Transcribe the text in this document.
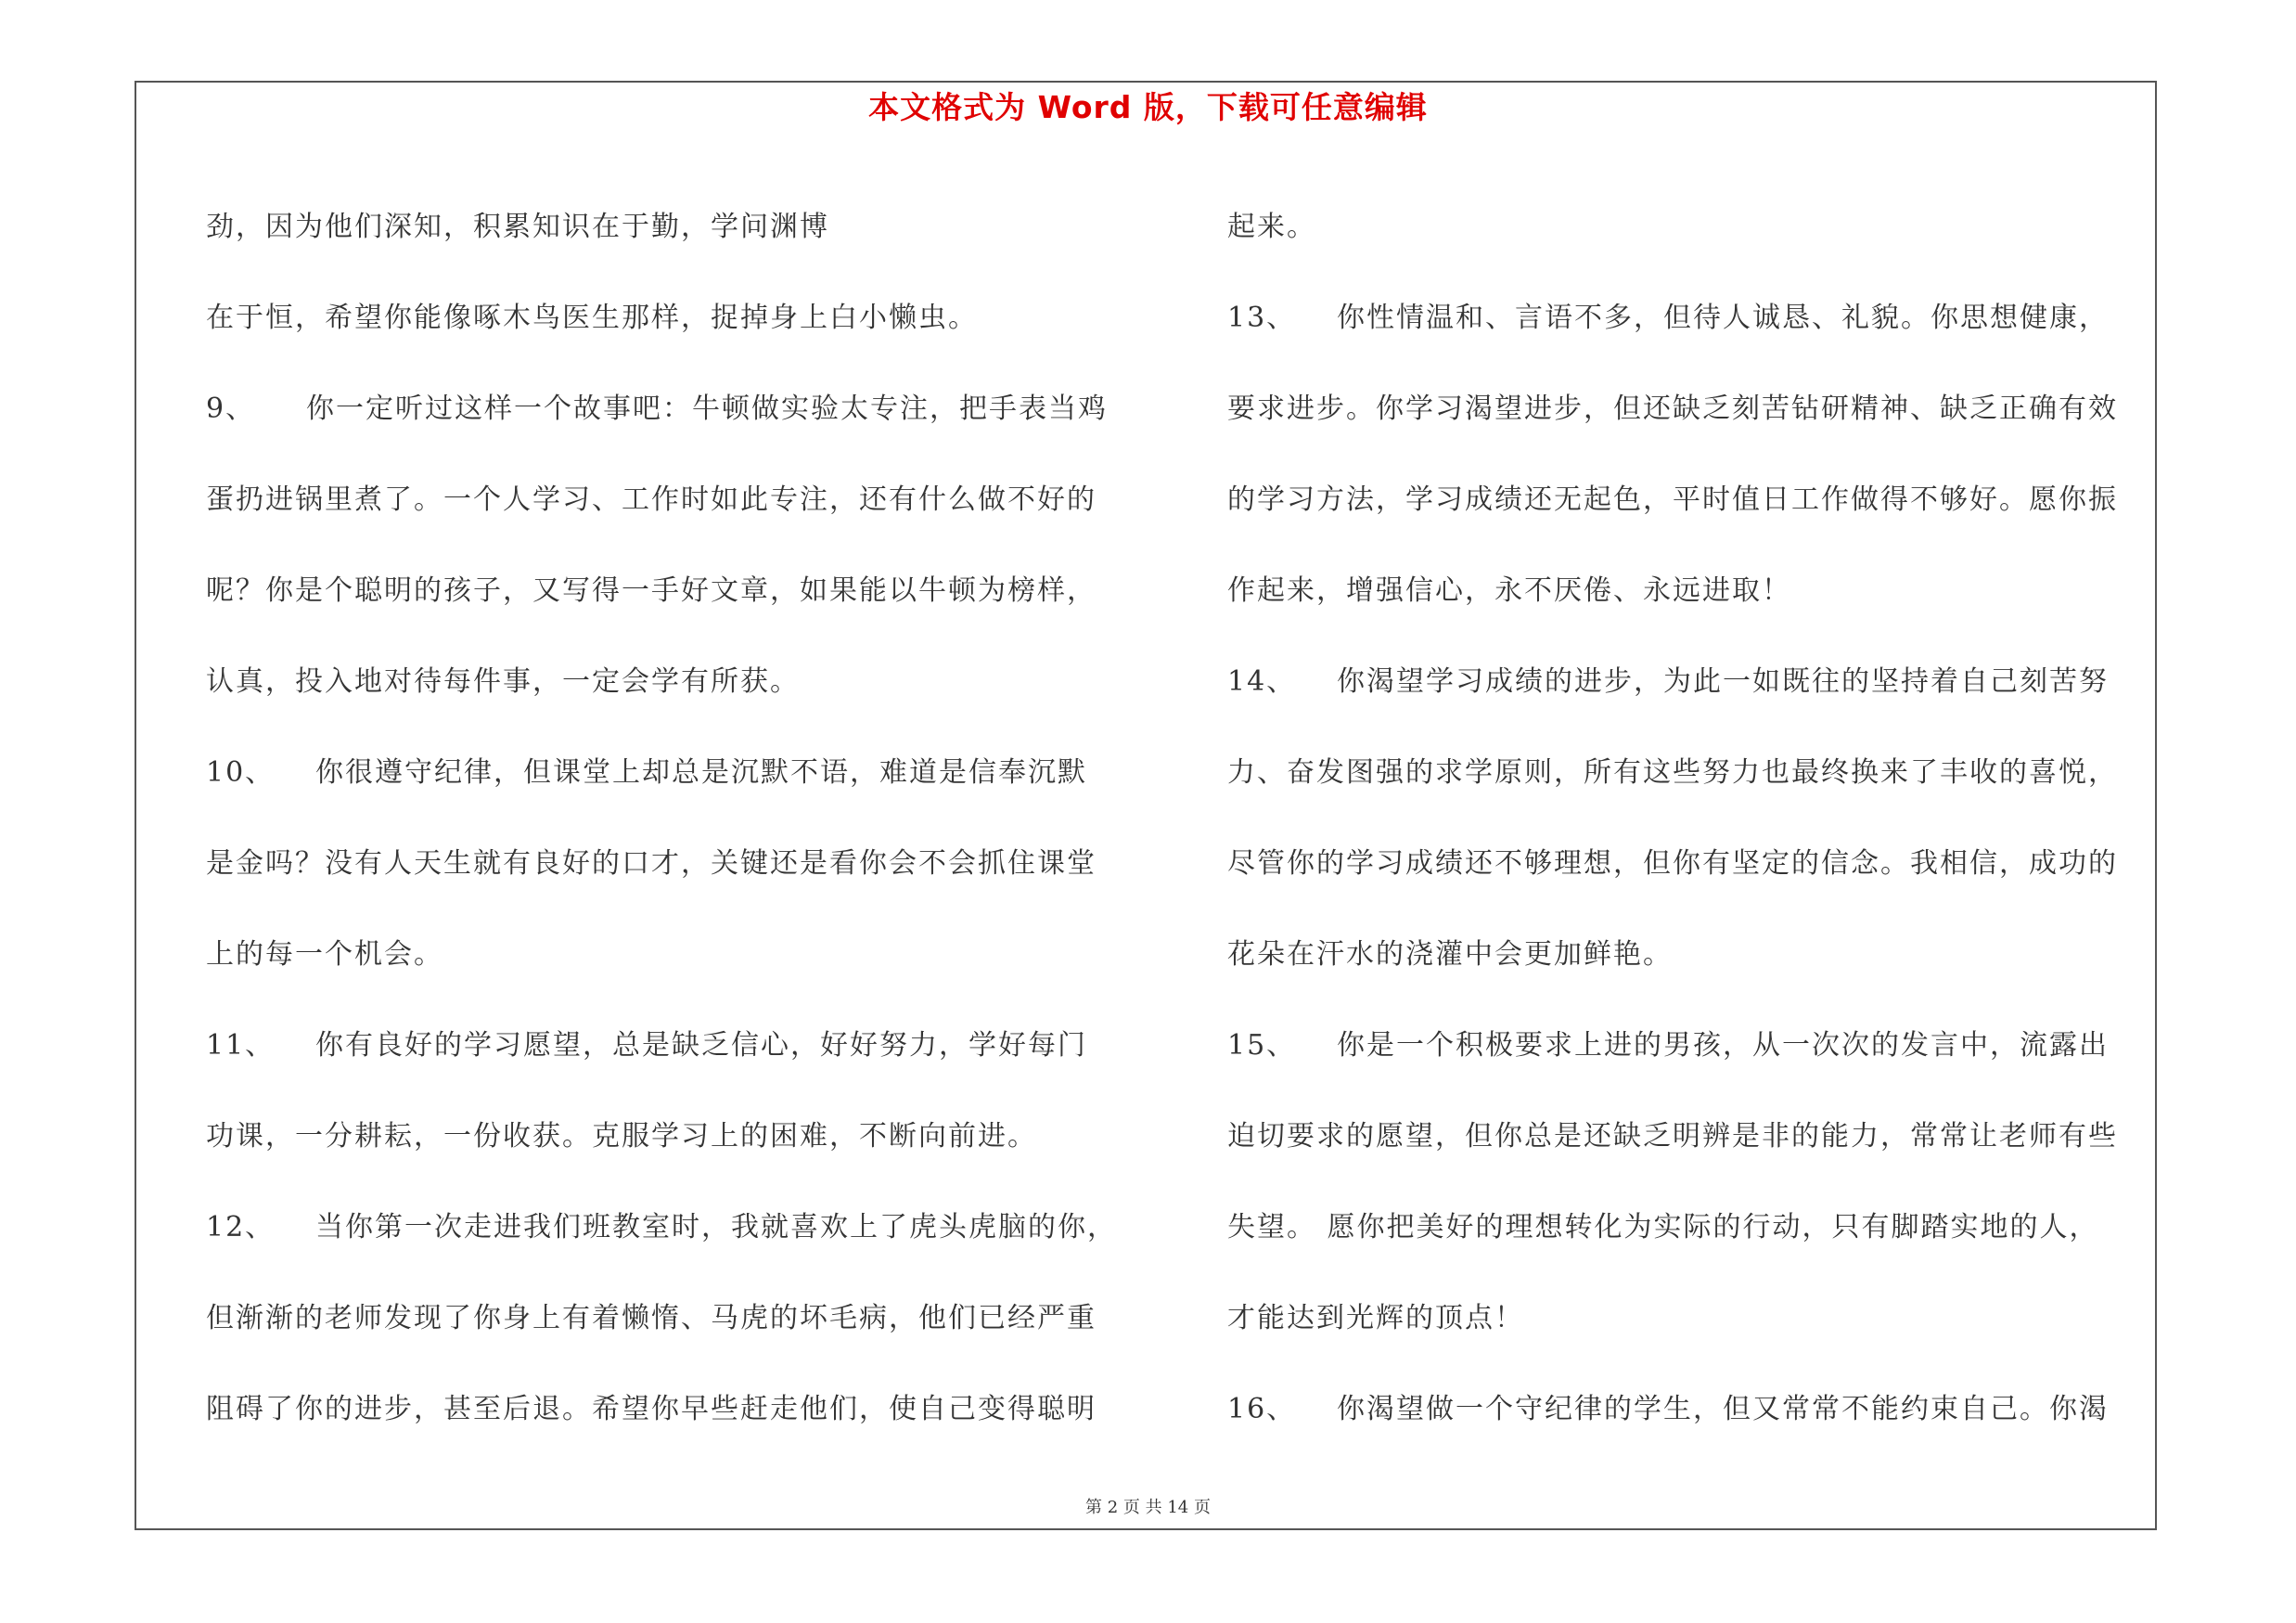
本文格式为 Word 版，下载可任意编辑
劲，因为他们深知，积累知识在于勤，学问渊博
在于恒，希望你能像啄木鸟医生那样，捉掉身上白小懒虫。
9、 你一定听过这样一个故事吧：牛顿做实验太专注，把手表当鸡
蛋扔进锅里煮了。一个人学习、工作时如此专注，还有什么做不好的
呢？你是个聪明的孩子，又写得一手好文章，如果能以牛顿为榜样，
认真，投入地对待每件事，一定会学有所获。
10、 你很遵守纪律，但课堂上却总是沉默不语，难道是信奉沉默
是金吗？没有人天生就有良好的口才，关键还是看你会不会抓住课堂
上的每一个机会。
11、 你有良好的学习愿望，总是缺乏信心，好好努力，学好每门
功课，一分耕耘，一份收获。克服学习上的困难，不断向前进。
12、 当你第一次走进我们班教室时，我就喜欢上了虎头虎脑的你，
但渐渐的老师发现了你身上有着懒惰、马虎的坏毛病，他们已经严重
阻碍了你的进步，甚至后退。希望你早些赶走他们，使自己变得聪明
起来。
13、 你性情温和、言语不多，但待人诚恳、礼貌。你思想健康，
要求进步。你学习渴望进步，但还缺乏刻苦钻研精神、缺乏正确有效
的学习方法，学习成绩还无起色，平时值日工作做得不够好。愿你振
作起来，增强信心，永不厌倦、永远进取！
14、 你渴望学习成绩的进步，为此一如既往的坚持着自己刻苦努
力、奋发图强的求学原则，所有这些努力也最终换来了丰收的喜悦，
尽管你的学习成绩还不够理想，但你有坚定的信念。我相信，成功的
花朵在汗水的浇灌中会更加鲜艳。
15、 你是一个积极要求上进的男孩，从一次次的发言中，流露出
迫切要求的愿望，但你总是还缺乏明辨是非的能力，常常让老师有些
失望。 愿你把美好的理想转化为实际的行动，只有脚踏实地的人，
才能达到光辉的顶点！
16、 你渴望做一个守纪律的学生，但又常常不能约束自己。你渴
第 2 页 共 14 页
